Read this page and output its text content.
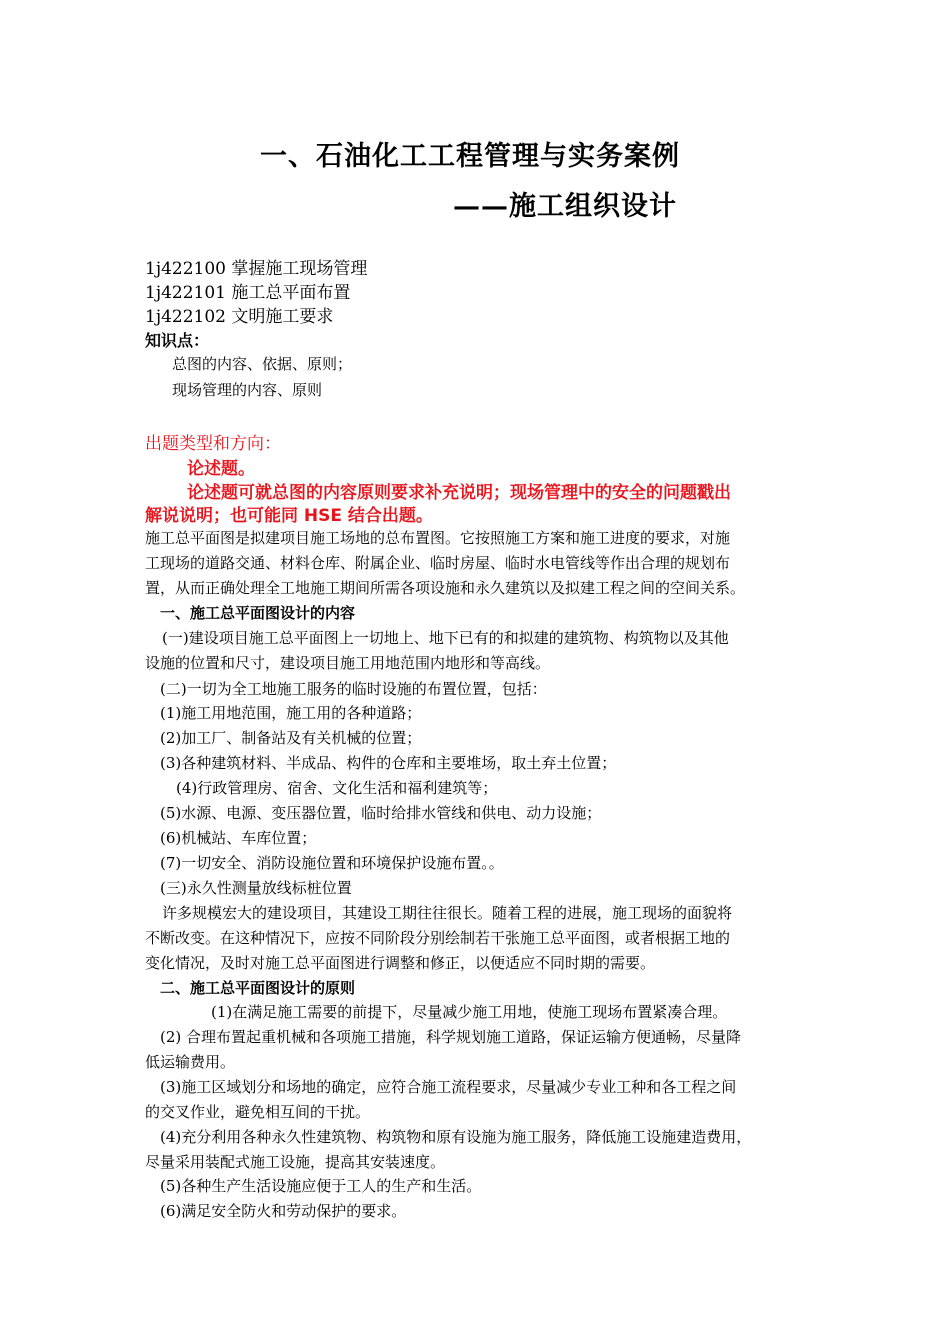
一、石油化工工程管理与实务案例
——施工组织设计
1j422100 掌握施工现场管理
1j422101 施工总平面布置
1j422102 文明施工要求
知识点：
总图的内容、依据、原则；
现场管理的内容、原则
出题类型和方向：
论述题。
论述题可就总图的内容原则要求补充说明；现场管理中的安全的问题戳出
解说说明；也可能同 HSE 结合出题。
施工总平面图是拟建项目施工场地的总布置图。它按照施工方案和施工进度的要求，对施
工现场的道路交通、材料仓库、附属企业、临时房屋、临时水电管线等作出合理的规划布
置，从而正确处理全工地施工期间所需各项设施和永久建筑以及拟建工程之间的空间关系。
一、施工总平面图设计的内容
(一)建设项目施工总平面图上一切地上、地下已有的和拟建的建筑物、构筑物以及其他
设施的位置和尺寸，建设项目施工用地范围内地形和等高线。
(二)一切为全工地施工服务的临时设施的布置位置，包括：
(1)施工用地范围，施工用的各种道路；
(2)加工厂、制备站及有关机械的位置；
(3)各种建筑材料、半成品、构件的仓库和主要堆场，取土弃土位置；
(4)行政管理房、宿舍、文化生活和福利建筑等；
(5)水源、电源、变压器位置，临时给排水管线和供电、动力设施；
(6)机械站、车库位置；
(7)一切安全、消防设施位置和环境保护设施布置。。
(三)永久性测量放线标桩位置
许多规模宏大的建设项目，其建设工期往往很长。随着工程的进展，施工现场的面貌将
不断改变。在这种情况下，应按不同阶段分别绘制若干张施工总平面图，或者根据工地的
变化情况，及时对施工总平面图进行调整和修正，以便适应不同时期的需要。
二、施工总平面图设计的原则
(1)在满足施工需要的前提下，尽量减少施工用地，使施工现场布置紧凑合理。
(2) 合理布置起重机械和各项施工措施，科学规划施工道路，保证运输方便通畅，尽量降
低运输费用。
(3)施工区域划分和场地的确定，应符合施工流程要求，尽量减少专业工种和各工程之间
的交叉作业，避免相互间的干扰。
(4)充分利用各种永久性建筑物、构筑物和原有设施为施工服务，降低施工设施建造费用，
尽量采用装配式施工设施，提高其安装速度。
(5)各种生产生活设施应便于工人的生产和生活。
(6)满足安全防火和劳动保护的要求。
